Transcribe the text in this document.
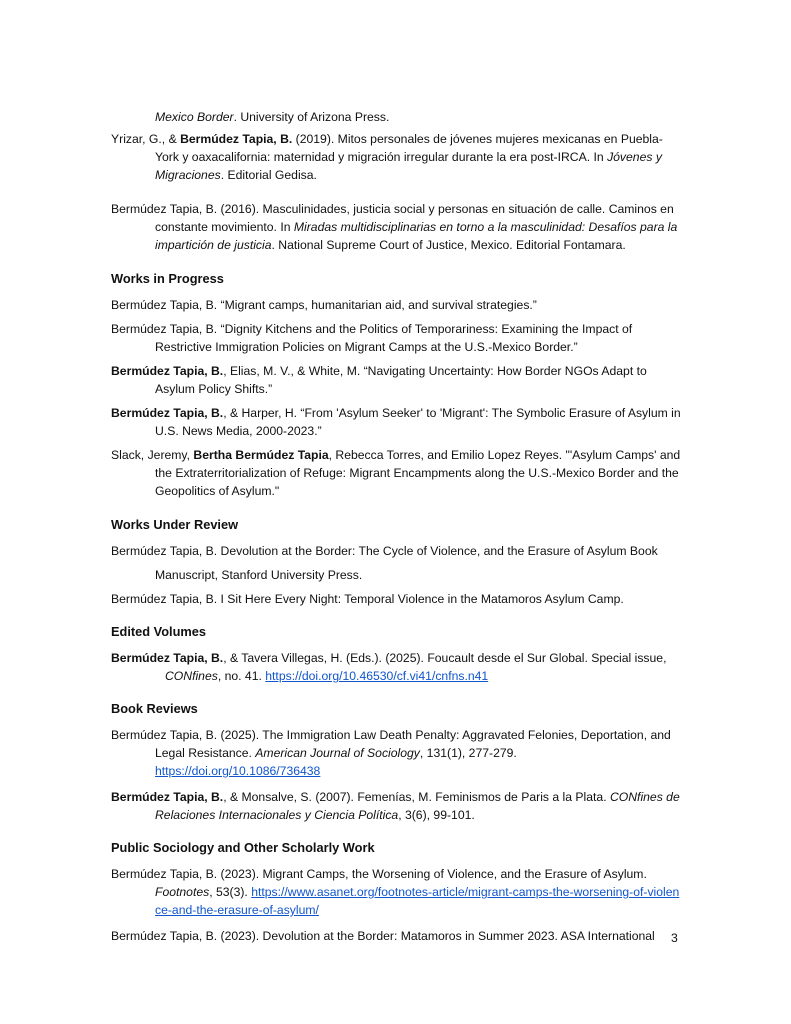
Mexico Border. University of Arizona Press.

Yrizar, G., & Bermúdez Tapia, B. (2019). Mitos personales de jóvenes mujeres mexicanas en Puebla-York y oaxacalifornia: maternidad y migración irregular durante la era post-IRCA. In Jóvenes y Migraciones. Editorial Gedisa.

Bermúdez Tapia, B. (2016). Masculinidades, justicia social y personas en situación de calle. Caminos en constante movimiento. In Miradas multidisciplinarias en torno a la masculinidad: Desafíos para la impartición de justicia. National Supreme Court of Justice, Mexico. Editorial Fontamara.

Works in Progress

Bermúdez Tapia, B. “Migrant camps, humanitarian aid, and survival strategies.”

Bermúdez Tapia, B. “Dignity Kitchens and the Politics of Temporariness: Examining the Impact of Restrictive Immigration Policies on Migrant Camps at the U.S.-Mexico Border.”

Bermúdez Tapia, B., Elias, M. V., & White, M. “Navigating Uncertainty: How Border NGOs Adapt to Asylum Policy Shifts.”

Bermúdez Tapia, B., & Harper, H. “From 'Asylum Seeker' to 'Migrant': The Symbolic Erasure of Asylum in U.S. News Media, 2000-2023.”

Slack, Jeremy, Bertha Bermúdez Tapia, Rebecca Torres, and Emilio Lopez Reyes. "'Asylum Camps' and the Extraterritorialization of Refuge: Migrant Encampments along the U.S.-Mexico Border and the Geopolitics of Asylum."

Works Under Review

Bermúdez Tapia, B. Devolution at the Border: The Cycle of Violence, and the Erasure of Asylum Book

Manuscript, Stanford University Press.

Bermúdez Tapia, B. I Sit Here Every Night: Temporal Violence in the Matamoros Asylum Camp.

Edited Volumes

Bermúdez Tapia, B., & Tavera Villegas, H. (Eds.). (2025). Foucault desde el Sur Global. Special issue, CONfines, no. 41. https://doi.org/10.46530/cf.vi41/cnfns.n41

Book Reviews

Bermúdez Tapia, B. (2025). The Immigration Law Death Penalty: Aggravated Felonies, Deportation, and Legal Resistance. American Journal of Sociology, 131(1), 277-279.
https://doi.org/10.1086/736438

Bermúdez Tapia, B., & Monsalve, S. (2007). Femenías, M. Feminismos de Paris a la Plata. CONfines de Relaciones Internacionales y Ciencia Política, 3(6), 99-101.

Public Sociology and Other Scholarly Work

Bermúdez Tapia, B. (2023). Migrant Camps, the Worsening of Violence, and the Erasure of Asylum. Footnotes, 53(3). https://www.asanet.org/footnotes-article/migrant-camps-the-worsening-of-violence-and-the-erasure-of-asylum/

Bermúdez Tapia, B. (2023). Devolution at the Border: Matamoros in Summer 2023. ASA International	3
